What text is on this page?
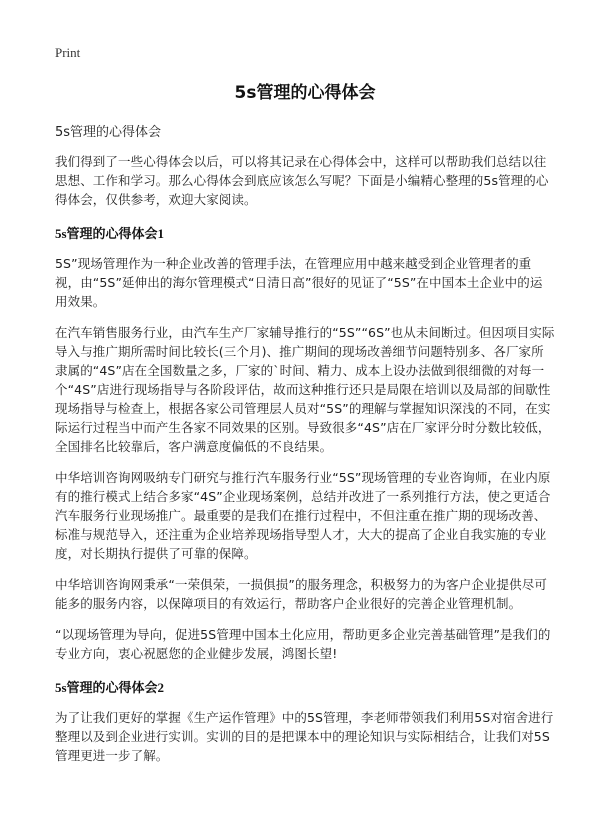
Print
5s管理的心得体会

5s管理的心得体会

我们得到了一些心得体会以后，可以将其记录在心得体会中，这样可以帮助我们总结以往思想、工作和学习。那么心得体会到底应该怎么写呢？下面是小编精心整理的5s管理的心得体会，仅供参考，欢迎大家阅读。

5s管理的心得体会1

5S”现场管理作为一种企业改善的管理手法，在管理应用中越来越受到企业管理者的重视，由“5S”延伸出的海尔管理模式“日清日高”很好的见证了“5S”在中国本土企业中的运用效果。

在汽车销售服务行业，由汽车生产厂家辅导推行的“5S”“6S”也从未间断过。但因项目实际导入与推广期所需时间比较长(三个月)、推广期间的现场改善细节问题特别多、各厂家所隶属的“4S”店在全国数量之多，厂家的`时间、精力、成本上设办法做到很细微的对每一个“4S”店进行现场指导与各阶段评估，故而这种推行还只是局限在培训以及局部的间歇性现场指导与检查上，根据各家公司管理层人员对“5S”的理解与掌握知识深浅的不同，在实际运行过程当中而产生各家不同效果的区别。导致很多“4S”店在厂家评分时分数比较低，全国排名比较靠后，客户满意度偏低的不良结果。

中华培训咨询网吸纳专门研究与推行汽车服务行业“5S”现场管理的专业咨询师，在业内原有的推行模式上结合多家“4S”企业现场案例，总结并改进了一系列推行方法，使之更适合汽车服务行业现场推广。最重要的是我们在推行过程中，不但注重在推广期的现场改善、标准与规范导入，还注重为企业培养现场指导型人才，大大的提高了企业自我实施的专业度，对长期执行提供了可靠的保障。

中华培训咨询网秉承“一荣俱荣，一损俱损”的服务理念，积极努力的为客户企业提供尽可能多的服务内容，以保障项目的有效运行，帮助客户企业很好的完善企业管理机制。

“以现场管理为导向，促进5S管理中国本土化应用，帮助更多企业完善基础管理”是我们的专业方向，衷心祝愿您的企业健步发展，鸿图长望!

5s管理的心得体会2

为了让我们更好的掌握《生产运作管理》中的5S管理，李老师带领我们利用5S对宿舍进行整理以及到企业进行实训。实训的目的是把课本中的理论知识与实际相结合，让我们对5S管理更进一步了解。
